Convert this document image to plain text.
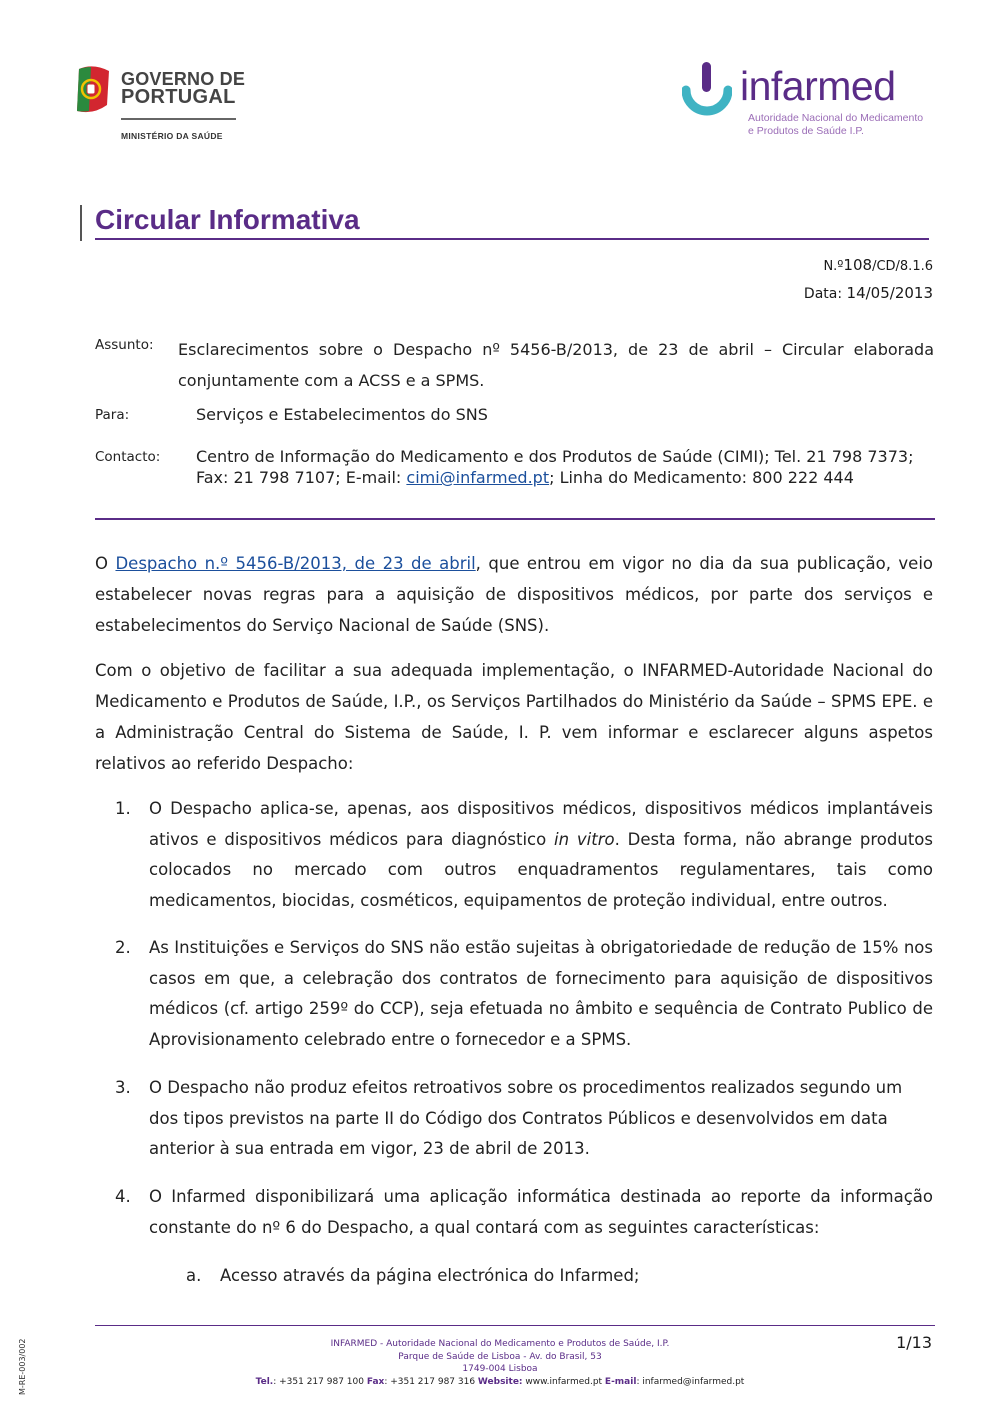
GOVERNO DE
PORTUGAL
MINISTÉRIO DA SAÚDE
infarmed
Autoridade Nacional do Medicamento
e Produtos de Saúde I.P.
Circular Informativa
N.º108/CD/8.1.6
Data: 14/05/2013
Assunto: Esclarecimentos sobre o Despacho nº 5456-B/2013, de 23 de abril – Circular elaborada conjuntamente com a ACSS e a SPMS.
Para:	Serviços e Estabelecimentos do SNS
Contacto: Centro de Informação do Medicamento e dos Produtos de Saúde (CIMI); Tel. 21 798 7373; Fax: 21 798 7107; E-mail: cimi@infarmed.pt; Linha do Medicamento: 800 222 444
O Despacho n.º 5456-B/2013, de 23 de abril, que entrou em vigor no dia da sua publicação, veio estabelecer novas regras para a aquisição de dispositivos médicos, por parte dos serviços e estabelecimentos do Serviço Nacional de Saúde (SNS).
Com o objetivo de facilitar a sua adequada implementação, o INFARMED-Autoridade Nacional do Medicamento e Produtos de Saúde, I.P., os Serviços Partilhados do Ministério da Saúde – SPMS EPE. e a Administração Central do Sistema de Saúde, I. P. vem informar e esclarecer alguns aspetos relativos ao referido Despacho:
1.	O Despacho aplica-se, apenas, aos dispositivos médicos, dispositivos médicos implantáveis ativos e dispositivos médicos para diagnóstico in vitro. Desta forma, não abrange produtos colocados no mercado com outros enquadramentos regulamentares, tais como medicamentos, biocidas, cosméticos, equipamentos de proteção individual, entre outros.
2.	As Instituições e Serviços do SNS não estão sujeitas à obrigatoriedade de redução de 15% nos casos em que, a celebração dos contratos de fornecimento para aquisição de dispositivos médicos (cf. artigo 259º do CCP), seja efetuada no âmbito e sequência de Contrato Publico de Aprovisionamento celebrado entre o fornecedor e a SPMS.
3.	O Despacho não produz efeitos retroativos sobre os procedimentos realizados segundo um dos tipos previstos na parte II do Código dos Contratos Públicos e desenvolvidos em data anterior à sua entrada em vigor, 23 de abril de 2013.
4.	O Infarmed disponibilizará uma aplicação informática destinada ao reporte da informação constante do nº 6 do Despacho, a qual contará com as seguintes características:
a.	Acesso através da página electrónica do Infarmed;
INFARMED - Autoridade Nacional do Medicamento e Produtos de Saúde, I.P.
Parque de Saúde de Lisboa - Av. do Brasil, 53
1749-004 Lisboa
Tel.: +351 217 987 100 Fax: +351 217 987 316 Website: www.infarmed.pt E-mail: infarmed@infarmed.pt
1/13
M-RE-003/002
